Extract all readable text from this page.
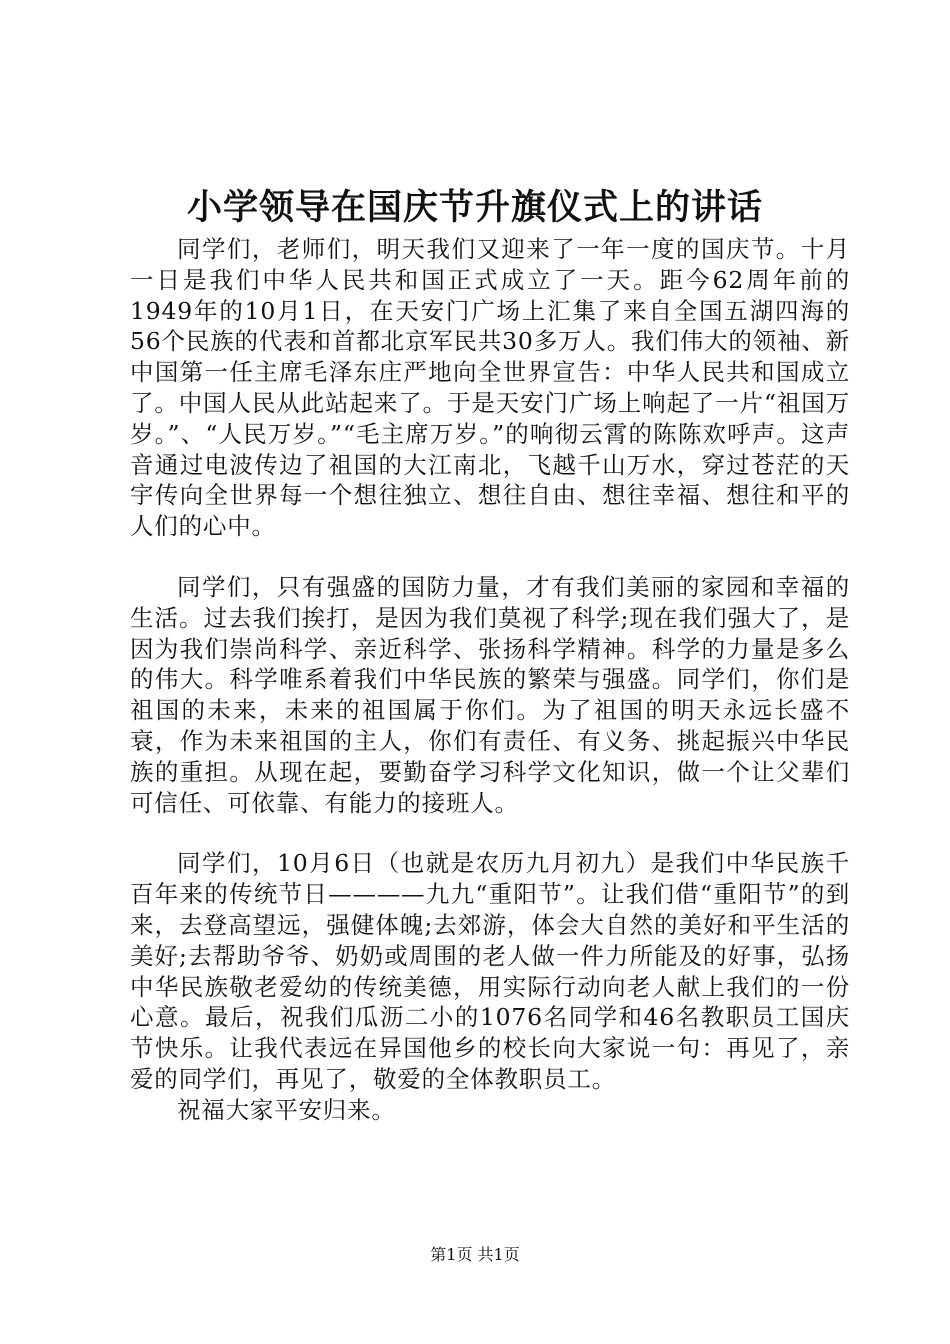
小学领导在国庆节升旗仪式上的讲话

同学们，老师们，明天我们又迎来了一年一度的国庆节。十月一日是我们中华人民共和国正式成立了一天。距今62周年前的1949年的10月1日，在天安门广场上汇集了来自全国五湖四海的56个民族的代表和首都北京军民共30多万人。我们伟大的领袖、新中国第一任主席毛泽东庄严地向全世界宣告：中华人民共和国成立了。中国人民从此站起来了。于是天安门广场上响起了一片“祖国万岁。”、“人民万岁。”“毛主席万岁。”的响彻云霄的陈陈欢呼声。这声音通过电波传边了祖国的大江南北，飞越千山万水，穿过苍茫的天宇传向全世界每一个想往独立、想往自由、想往幸福、想往和平的人们的心中。

同学们，只有强盛的国防力量，才有我们美丽的家园和幸福的生活。过去我们挨打，是因为我们莫视了科学;现在我们强大了，是因为我们崇尚科学、亲近科学、张扬科学精神。科学的力量是多么的伟大。科学唯系着我们中华民族的繁荣与强盛。同学们，你们是祖国的未来，未来的祖国属于你们。为了祖国的明天永远长盛不衰，作为未来祖国的主人，你们有责任、有义务、挑起振兴中华民族的重担。从现在起，要勤奋学习科学文化知识，做一个让父辈们可信任、可依靠、有能力的接班人。

同学们，10月6日（也就是农历九月初九）是我们中华民族千百年来的传统节日————九九“重阳节”。让我们借“重阳节”的到来，去登高望远，强健体魄;去郊游，体会大自然的美好和平生活的美好;去帮助爷爷、奶奶或周围的老人做一件力所能及的好事，弘扬中华民族敬老爱幼的传统美德，用实际行动向老人献上我们的一份心意。最后，祝我们瓜沥二小的1076名同学和46名教职员工国庆节快乐。让我代表远在异国他乡的校长向大家说一句：再见了，亲爱的同学们，再见了，敬爱的全体教职员工。

祝福大家平安归来。

第1页 共1页
